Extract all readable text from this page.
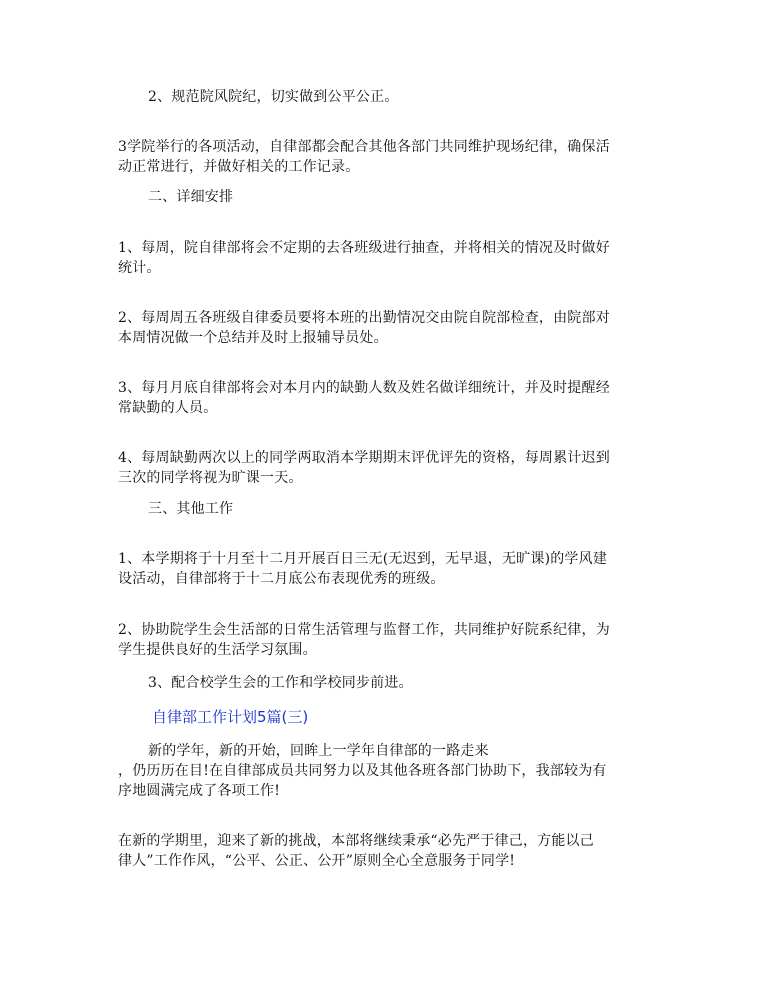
2、规范院风院纪，切实做到公平公正。
3学院举行的各项活动，自律部都会配合其他各部门共同维护现场纪律，确保活
动正常进行，并做好相关的工作记录。
二、详细安排
1、每周，院自律部将会不定期的去各班级进行抽查，并将相关的情况及时做好
统计。
2、每周周五各班级自律委员要将本班的出勤情况交由院自院部检查，由院部对
本周情况做一个总结并及时上报辅导员处。
3、每月月底自律部将会对本月内的缺勤人数及姓名做详细统计，并及时提醒经
常缺勤的人员。
4、每周缺勤两次以上的同学两取消本学期期末评优评先的资格，每周累计迟到
三次的同学将视为旷课一天。
三、其他工作
1、本学期将于十月至十二月开展百日三无(无迟到，无早退，无旷课)的学风建
设活动，自律部将于十二月底公布表现优秀的班级。
2、协助院学生会生活部的日常生活管理与监督工作，共同维护好院系纪律，为
学生提供良好的生活学习氛围。
3、配合校学生会的工作和学校同步前进。
自律部工作计划5篇(三)
新的学年，新的开始，回眸上一学年自律部的一路走来
，仍历历在目!在自律部成员共同努力以及其他各班各部门协助下，我部较为有
序地圆满完成了各项工作!
在新的学期里，迎来了新的挑战，本部将继续秉承“必先严于律己，方能以己
律人”工作作风，“公平、公正、公开”原则全心全意服务于同学!
